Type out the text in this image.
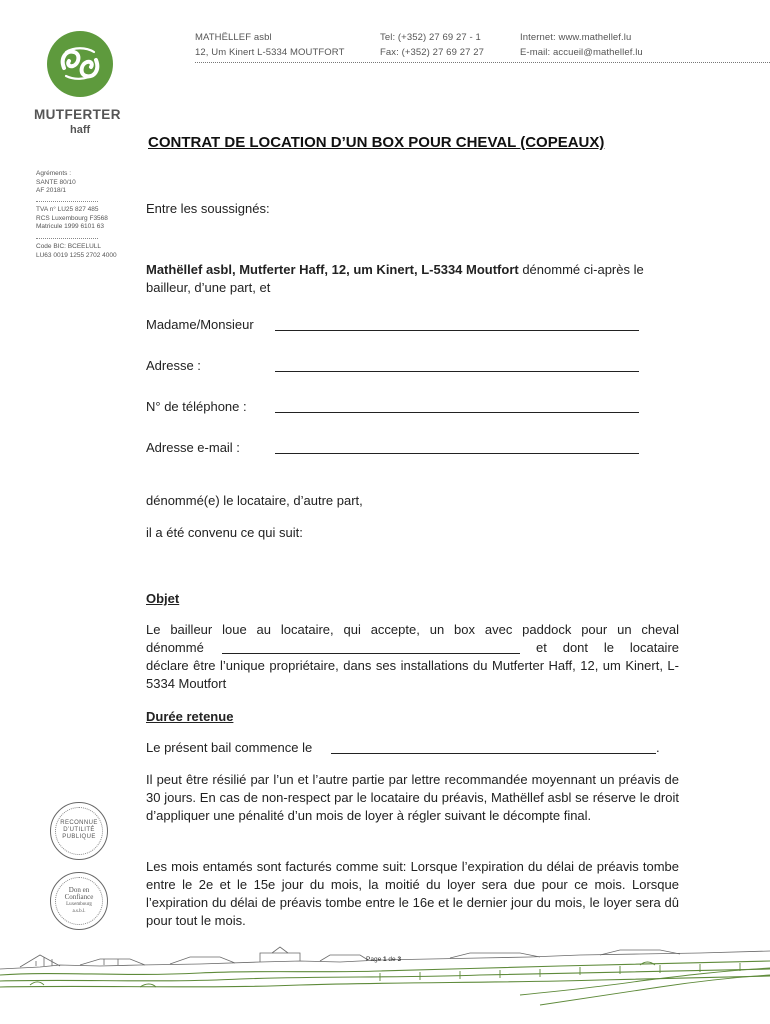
MATHËLLEF asbl
12, Um Kinert L-5334 MOUTFORT
Tel: (+352) 27 69 27 - 1
Fax: (+352) 27 69 27 27
Internet: www.mathellef.lu
E-mail: accueil@mathellef.lu
MUTFERTER
haff
Agréments :
SANTE 80/10
AF 2018/1
TVA n° LU25 827 485
RCS Luxembourg F3568
Matricule 1999 6101 63
Code BIC: BCEELULL
LU63 0019 1255 2702 4000
CONTRAT DE LOCATION D’UN BOX POUR CHEVAL (COPEAUX)
Entre les soussignés:
Mathëllef asbl, Mutferter Haff, 12, um Kinert, L-5334 Moutfort dénommé ci-après le bailleur, d’une part, et
Madame/Monsieur
Adresse :
N° de téléphone :
Adresse e-mail :
dénommé(e) le locataire, d’autre part,
il a été convenu ce qui suit:
Objet
Le bailleur loue au locataire, qui accepte, un box avec paddock pour un cheval
dénommé	et dont le locataire
déclare être l’unique propriétaire, dans ses installations du Mutferter Haff, 12, um Kinert, L-5334 Moutfort
Durée retenue
Le présent bail commence le	.
Il peut être résilié par l’un et l’autre partie par lettre recommandée moyennant un préavis de 30 jours. En cas de non-respect par le locataire du préavis, Mathëllef asbl se réserve le droit d’appliquer une pénalité d’un mois de loyer à régler suivant le décompte final.
Les mois entamés sont facturés comme suit: Lorsque l’expiration du délai de préavis tombe entre le 2e et le 15e jour du mois, la moitié du loyer sera due pour ce mois. Lorsque l’expiration du délai de préavis tombe entre le 16e et le dernier jour du mois, le loyer sera dû pour tout le mois.
RECONNUE
D’UTILITÉ
PUBLIQUE
Don en
Confiance
Luxembourg
a.s.b.l.
Page 1 de 3
